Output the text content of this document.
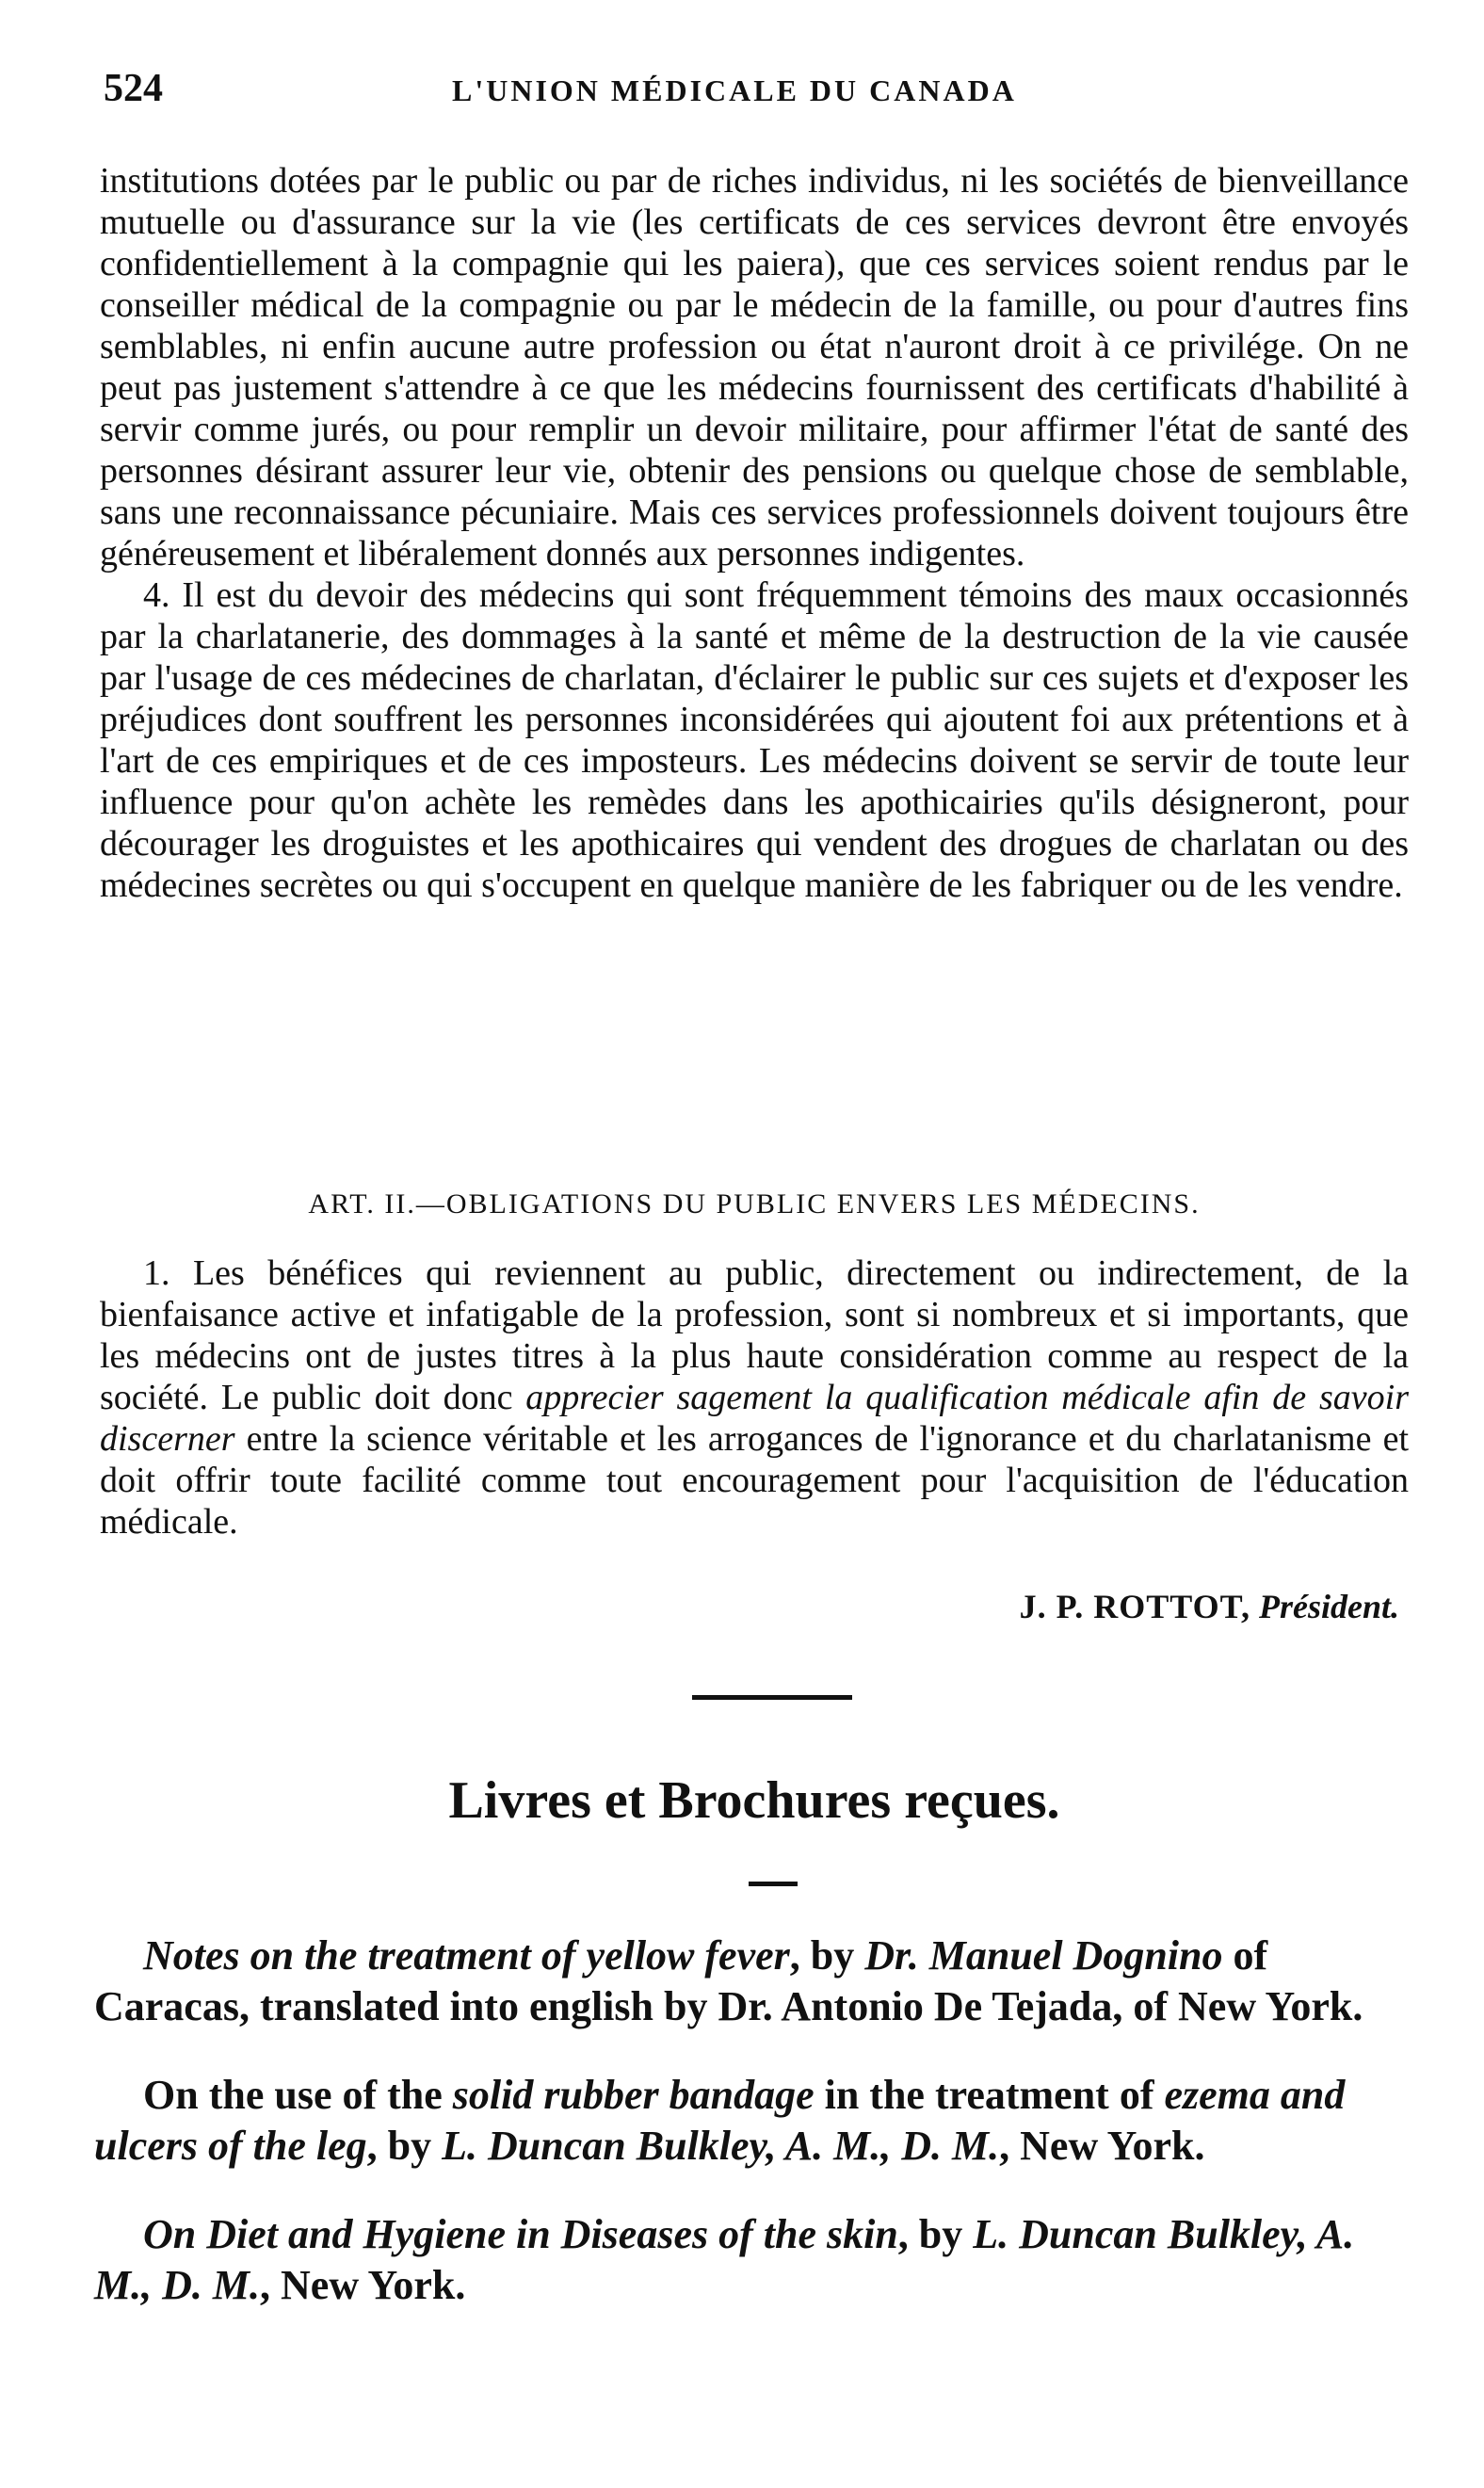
524	L'UNION MÉDICALE DU CANADA

institutions dotées par le public ou par de riches individus, ni les sociétés de bienveillance mutuelle ou d'assurance sur la vie (les certificats de ces services devront être envoyés confidentiellement à la compagnie qui les paiera), que ces services soient rendus par le conseiller médical de la compagnie ou par le médecin de la famille, ou pour d'autres fins semblables, ni enfin aucune autre profession ou état n'auront droit à ce privilége. On ne peut pas justement s'attendre à ce que les médecins fournissent des certificats d'habilité à servir comme jurés, ou pour remplir un devoir militaire, pour affirmer l'état de santé des personnes désirant assurer leur vie, obtenir des pensions ou quelque chose de semblable, sans une reconnaissance pécuniaire. Mais ces services professionnels doivent toujours être généreusement et libéralement donnés aux personnes indigentes.

4. Il est du devoir des médecins qui sont fréquemment témoins des maux occasionnés par la charlatanerie, des dommages à la santé et même de la destruction de la vie causée par l'usage de ces médecines de charlatan, d'éclairer le public sur ces sujets et d'exposer les préjudices dont souffrent les personnes inconsidérées qui ajoutent foi aux prétentions et à l'art de ces empiriques et de ces imposteurs. Les médecins doivent se servir de toute leur influence pour qu'on achète les remèdes dans les apothicairies qu'ils désigneront, pour décourager les droguistes et les apothicaires qui vendent des drogues de charlatan ou des médecines secrètes ou qui s'occupent en quelque manière de les fabriquer ou de les vendre.

ART. II.—OBLIGATIONS DU PUBLIC ENVERS LES MÉDECINS.

1. Les bénéfices qui reviennent au public, directement ou indirectement, de la bienfaisance active et infatigable de la profession, sont si nombreux et si importants, que les médecins ont de justes titres à la plus haute considération comme au respect de la société. Le public doit donc apprecier sagement la qualification médicale afin de savoir discerner entre la science véritable et les arrogances de l'ignorance et du charlatanisme et doit offrir toute facilité comme tout encouragement pour l'acquisition de l'éducation médicale.

J. P. ROTTOT, Président.
Livres et Brochures reçues.

Notes on the treatment of yellow fever, by Dr. Manuel Dognino of Caracas, translated into english by Dr. Antonio De Tejada, of New York.

On the use of the solid rubber bandage in the treatment of ezema and ulcers of the leg, by L. Duncan Bulkley, A. M., D. M., New York.

On Diet and Hygiene in Diseases of the skin, by L. Duncan Bulkley, A. M., D. M., New York.
